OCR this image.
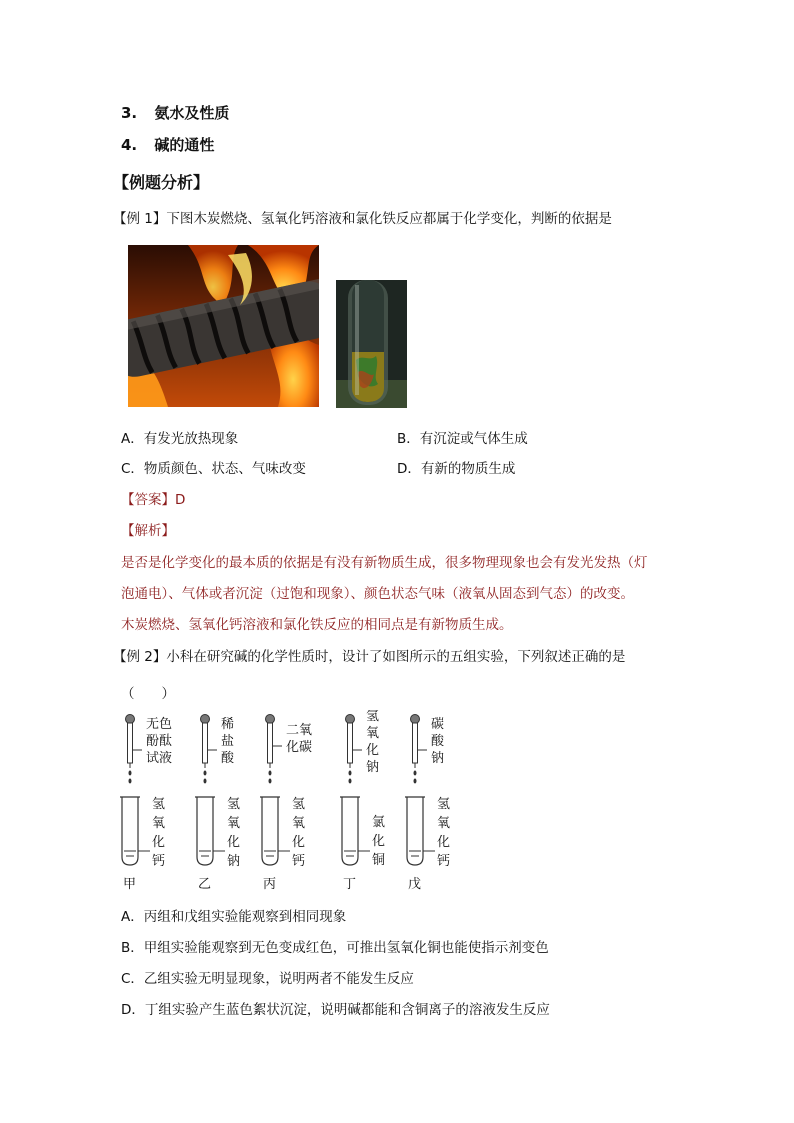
3. 氨水及性质
4. 碱的通性
【例题分析】
【例 1】下图木炭燃烧、氢氧化钙溶液和氯化铁反应都属于化学变化，判断的依据是
A．有发光放热现象	B．有沉淀或气体生成
C．物质颜色、状态、气味改变	D．有新的物质生成
【答案】D
【解析】
是否是化学变化的最本质的依据是有没有新物质生成，很多物理现象也会有发光发热（灯
泡通电）、气体或者沉淀（过饱和现象）、颜色状态气味（液氧从固态到气态）的改变。
木炭燃烧、氢氧化钙溶液和氯化铁反应的相同点是有新物质生成。
【例 2】小科在研究碱的化学性质时，设计了如图所示的五组实验，下列叙述正确的是
（　　）
无色
酚酞
试液
氢
氧
化
钙
甲
稀
盐
酸
氢
氧
化
钠
乙
二氧
化碳
氢
氧
化
钙
丙
氢
氧
化
钠
氯
化
铜
丁
碳
酸
钠
氢
氧
化
钙
戊
A．丙组和戊组实验能观察到相同现象
B．甲组实验能观察到无色变成红色，可推出氢氧化铜也能使指示剂变色
C．乙组实验无明显现象，说明两者不能发生反应
D．丁组实验产生蓝色絮状沉淀，说明碱都能和含铜离子的溶液发生反应
